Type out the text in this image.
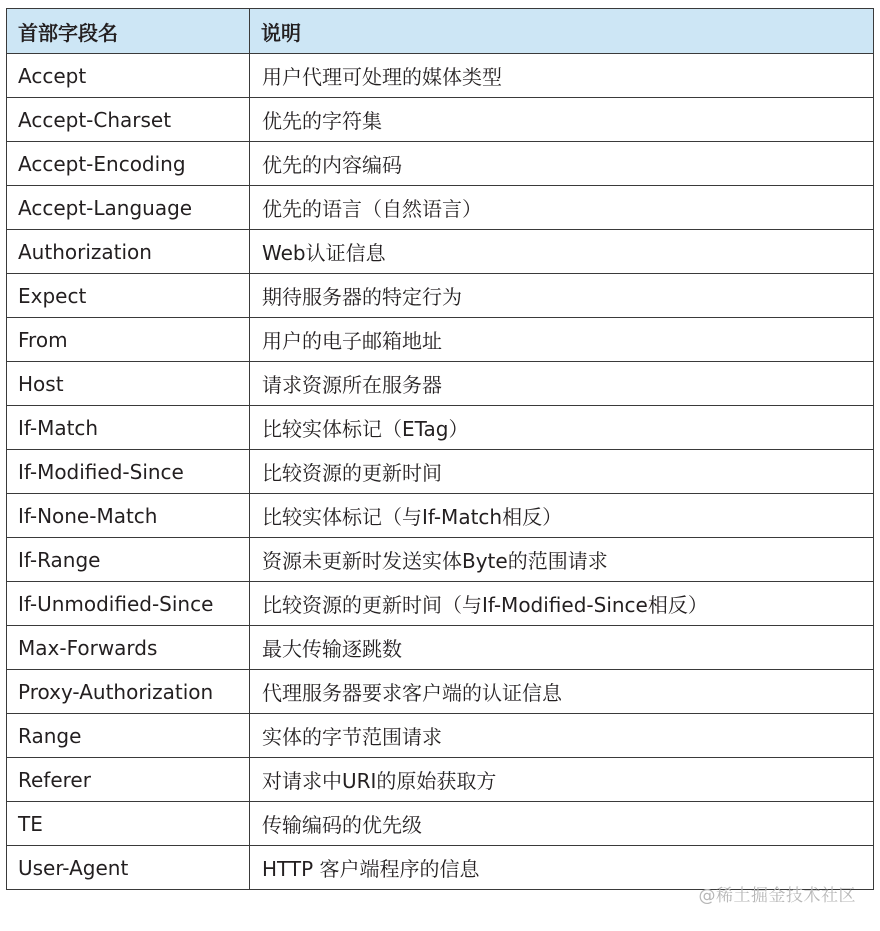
首部字段名	说明
Accept	用户代理可处理的媒体类型
Accept-Charset	优先的字符集
Accept-Encoding	优先的内容编码
Accept-Language	优先的语言（自然语言）
Authorization	Web认证信息
Expect	期待服务器的特定行为
From	用户的电子邮箱地址
Host	请求资源所在服务器
If-Match	比较实体标记（ETag）
If-Modified-Since	比较资源的更新时间
If-None-Match	比较实体标记（与If-Match相反）
If-Range	资源未更新时发送实体Byte的范围请求
If-Unmodified-Since	比较资源的更新时间（与If-Modified-Since相反）
Max-Forwards	最大传输逐跳数
Proxy-Authorization	代理服务器要求客户端的认证信息
Range	实体的字节范围请求
Referer	对请求中URI的原始获取方
TE	传输编码的优先级
User-Agent	HTTP 客户端程序的信息
@稀土掘金技术社区
